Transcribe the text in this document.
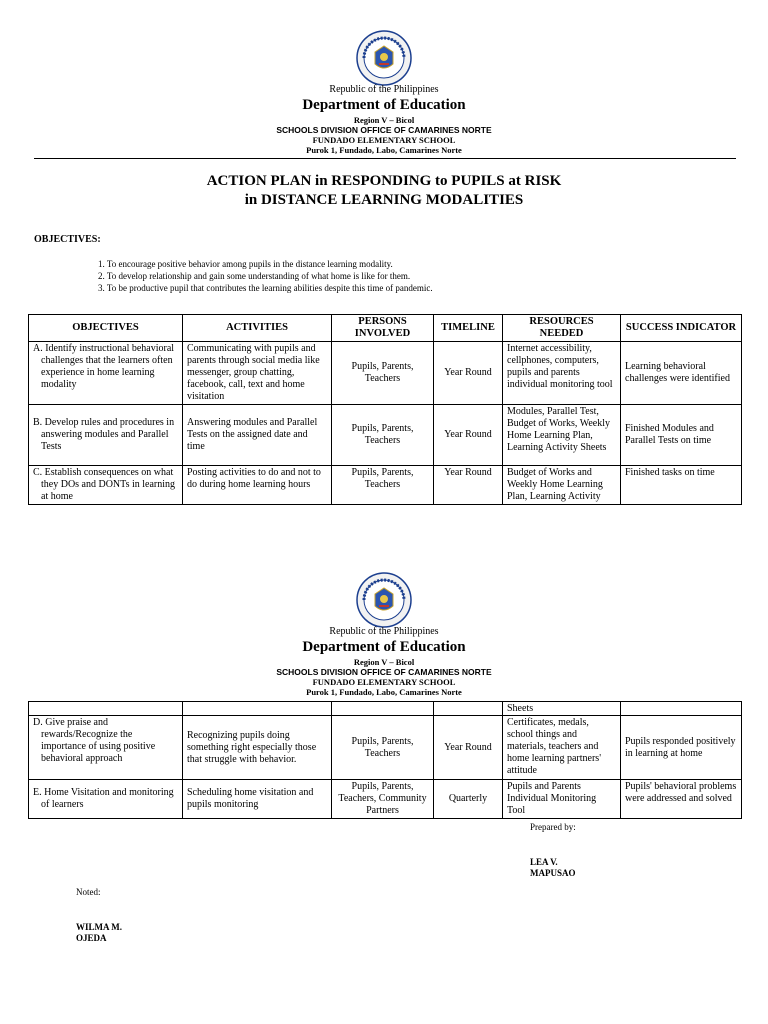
Republic of the Philippines
Department of Education
Region V – Bicol
SCHOOLS DIVISION OFFICE OF CAMARINES NORTE
FUNDADO ELEMENTARY SCHOOL
Purok 1, Fundado, Labo, Camarines Norte
ACTION PLAN in RESPONDING to PUPILS at RISK
in DISTANCE LEARNING MODALITIES
OBJECTIVES:
1. To encourage positive behavior among pupils in the distance learning modality.
2. To develop relationship and gain some understanding of what home is like for them.
3. To be productive pupil that contributes the learning abilities despite this time of pandemic.
OBJECTIVES	ACTIVITIES	PERSONS INVOLVED	TIMELINE	RESOURCES NEEDED	SUCCESS INDICATOR
A. Identify instructional behavioral challenges that the learners often experience in home learning modality	Communicating with pupils and parents through social media like messenger, group chatting, facebook, call, text and home visitation	Pupils, Parents, Teachers	Year Round	Internet accessibility, cellphones, computers, pupils and parents individual monitoring tool	Learning behavioral challenges were identified
B. Develop rules and procedures in answering modules and Parallel Tests	Answering modules and Parallel Tests on the assigned date and time	Pupils, Parents, Teachers	Year Round	Modules, Parallel Test, Budget of Works, Weekly Home Learning Plan, Learning Activity Sheets	Finished Modules and Parallel Tests on time
C. Establish consequences on what they DOs and DONTs in learning at home	Posting activities to do and not to do during home learning hours	Pupils, Parents, Teachers	Year Round	Budget of Works and Weekly Home Learning Plan, Learning Activity	Finished tasks on time
Republic of the Philippines
Department of Education
Region V – Bicol
SCHOOLS DIVISION OFFICE OF CAMARINES NORTE
FUNDADO ELEMENTARY SCHOOL
Purok 1, Fundado, Labo, Camarines Norte
				Sheets	
D. Give praise and rewards/Recognize the importance of using positive behavioral approach	Recognizing pupils doing something right especially those that struggle with behavior.	Pupils, Parents, Teachers	Year Round	Certificates, medals, school things and materials, teachers and home learning partners' attitude	Pupils responded positively in learning at home
E. Home Visitation and monitoring of learners	Scheduling home visitation and pupils monitoring	Pupils, Parents, Teachers, Community Partners	Quarterly	Pupils and Parents Individual Monitoring Tool	Pupils' behavioral problems were addressed and solved
Prepared by:
LEA V.
MAPUSAO
Noted:
WILMA M.
OJEDA
